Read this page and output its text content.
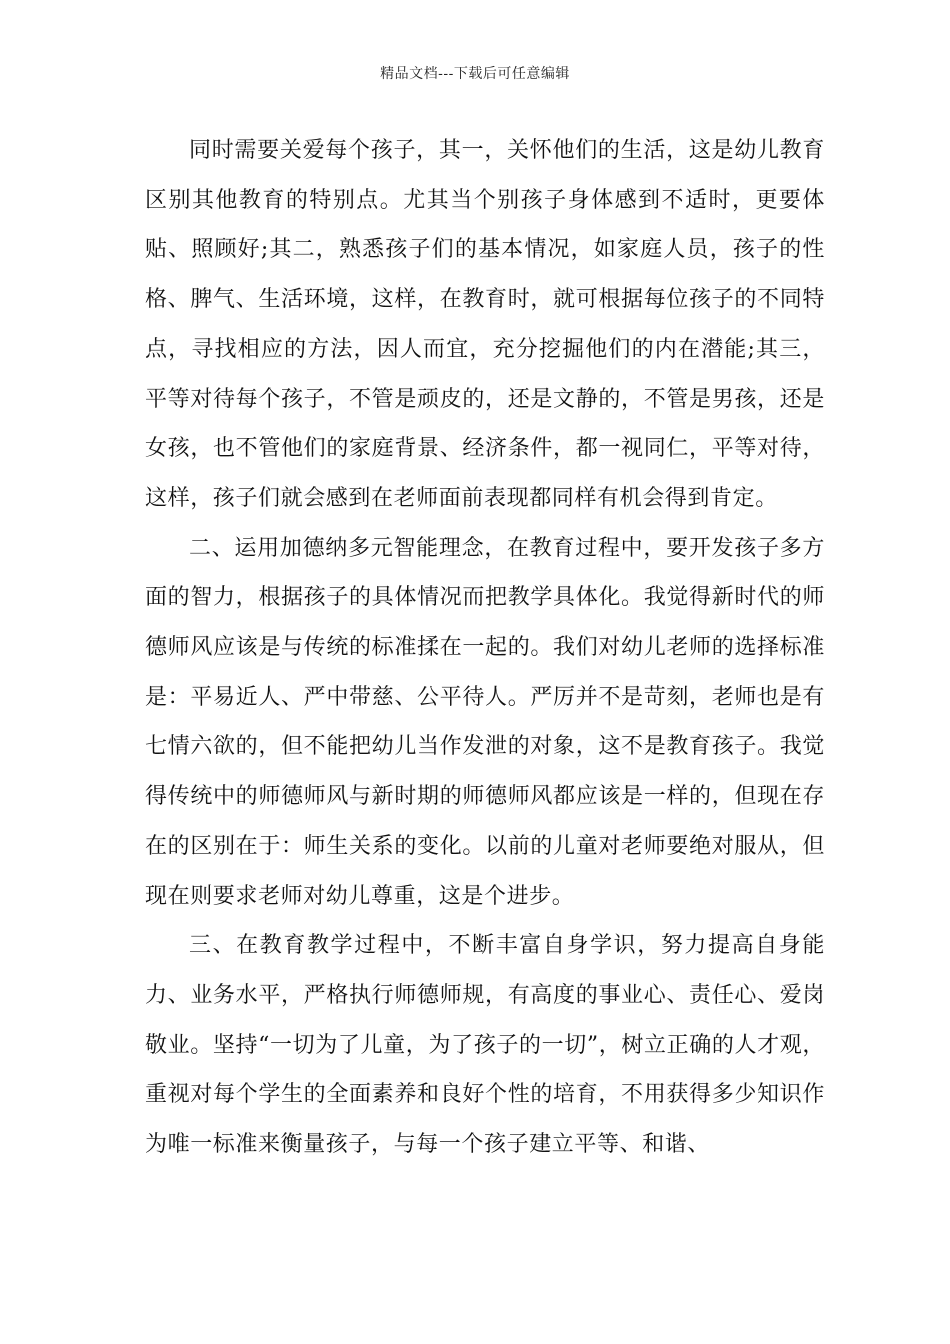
精品文档---下载后可任意编辑

同时需要关爱每个孩子，其一，关怀他们的生活，这是幼儿教育区别其他教育的特别点。尤其当个别孩子身体感到不适时，更要体贴、照顾好;其二，熟悉孩子们的基本情况，如家庭人员，孩子的性格、脾气、生活环境，这样，在教育时，就可根据每位孩子的不同特点，寻找相应的方法，因人而宜，充分挖掘他们的内在潜能;其三，平等对待每个孩子，不管是顽皮的，还是文静的，不管是男孩，还是女孩，也不管他们的家庭背景、经济条件，都一视同仁，平等对待，这样，孩子们就会感到在老师面前表现都同样有机会得到肯定。

二、运用加德纳多元智能理念，在教育过程中，要开发孩子多方面的智力，根据孩子的具体情况而把教学具体化。我觉得新时代的师德师风应该是与传统的标准揉在一起的。我们对幼儿老师的选择标准是：平易近人、严中带慈、公平待人。严厉并不是苛刻，老师也是有七情六欲的，但不能把幼儿当作发泄的对象，这不是教育孩子。我觉得传统中的师德师风与新时期的师德师风都应该是一样的，但现在存在的区别在于：师生关系的变化。以前的儿童对老师要绝对服从，但现在则要求老师对幼儿尊重，这是个进步。

三、在教育教学过程中，不断丰富自身学识，努力提高自身能力、业务水平，严格执行师德师规，有高度的事业心、责任心、爱岗敬业。坚持“一切为了儿童，为了孩子的一切”，树立正确的人才观，重视对每个学生的全面素养和良好个性的培育，不用获得多少知识作为唯一标准来衡量孩子，与每一个孩子建立平等、和谐、
